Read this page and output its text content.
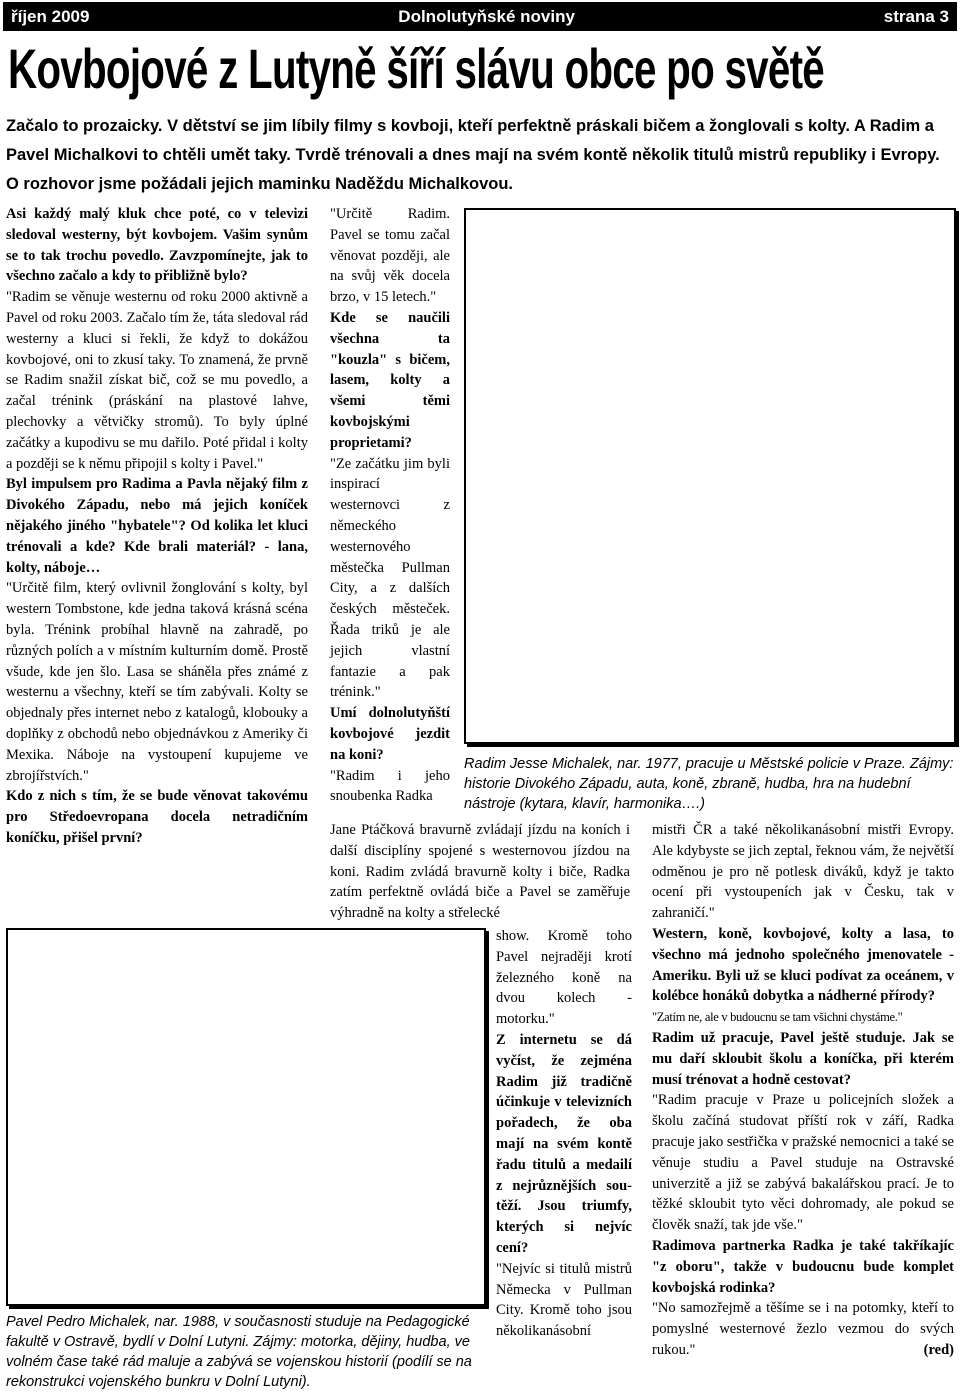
říjen 2009	Dolnolutyňské noviny	strana 3
Kovbojové z Lutyně šíří slávu obce po světě
Začalo to prozaicky. V dětství se jim líbily filmy s kovboji, kteří perfektně práskali bičem a žonglovali s kolty. A Radim a Pavel Michalkovi to chtěli umět taky. Tvrdě trénovali a dnes mají na svém kontě několik titulů mistrů republiky i Evropy. O rozhovor jsme požádali jejich maminku Naděždu Michalkovou.

Asi každý malý kluk chce poté, co v televizi sledoval westerny, být kovbojem. Vašim synům se to tak trochu povedlo. Zavzpomínejte, jak to všechno začalo a kdy to přibližně bylo?

"Radim se věnuje westernu od roku 2000 aktivně a Pavel od roku 2003. Začalo tím že, táta sledoval rád westerny a kluci si řekli, že když to dokážou kovbojové, oni to zkusí taky. To znamená, že prvně se Radim snažil získat bič, což se mu povedlo, a začal trénink (práskání na plastové lahve, plechovky a větvičky stromů). To byly úplné začátky a kupodivu se mu dařilo. Poté přidal i kolty a později se k němu připojil s kolty i Pavel."

Byl impulsem pro Radima a Pavla nějaký film z Divokého Západu, nebo má jejich koníček nějakého jiného "hybatele"? Od kolika let kluci trénovali a kde? Kde brali materiál? - lana, kolty, náboje…

"Určitě film, který ovlivnil žonglování s kolty, byl western Tombstone, kde jedna taková krásná scéna byla. Trénink probíhal hlavně na zahradě, po různých polích a v místním kulturním domě. Prostě všude, kde jen šlo. Lasa se sháněla přes známé z westernu a všechny, kteří se tím zabývali. Kolty se objednaly přes internet nebo z katalogů, klobouky a doplňky z obchodů nebo objednávkou z Ameriky či Mexika. Náboje na vystoupení kupujeme ve zbrojířstvích."

Kdo z nich s tím, že se bude věnovat takovému pro Středoevropana docela netradičním koníčku, přišel první?

"Určitě Radim. Pavel se tomu začal věnovat později, ale na svůj věk docela brzo, v 15 letech."

Kde se naučili všechna ta "kouzla" s bičem, lasem, kolty a všemi těmi kovbojskými proprietami?

"Ze začátku jim byli inspirací westernovci z německého westernového městečka Pullman City, a z dalších českých městeček. Řada triků je ale jejich vlastní fantazie a pak trénink."

Umí dolnolutyňští kovbojové jezdit na koni?

"Radim i jeho snoubenka Radka

Radim Jesse Michalek, nar. 1977, pracuje u Městské policie v Praze. Zájmy: historie Divokého Západu, auta, koně, zbraně, hudba, hra na hudební nástroje (kytara, klavír, harmonika….)

Jane Ptáčková bravurně zvládají jízdu na koních i další disciplíny spojené s westernovou jízdou na koni. Radim zvládá bravurně kolty i biče, Radka zatím perfektně ovládá biče a Pavel se zaměřuje výhradně na kolty a střelecké

show. Kromě toho Pavel nejraději krotí železného koně na dvou kolech - motorku."

Z internetu se dá vyčíst, že zejména Radim již tradičně účinkuje v televizních pořadech, že oba mají na svém kontě řadu titulů a medailí z nejrůznějších sou-těží. Jsou triumfy, kterých si nejvíc cení?

"Nejvíc si titulů mistrů Německa v Pullman City. Kromě toho jsou několikanásobní

mistři ČR a také několikanásobní mistři Evropy. Ale kdybyste se jich zeptal, řeknou vám, že největší odměnou je pro ně potlesk diváků, když je takto ocení při vystoupeních jak v Česku, tak v zahraničí."

Western, koně, kovbojové, kolty a lasa, to všechno má jednoho společného jmenovatele - Ameriku. Byli už se kluci podívat za oceánem, v kolébce honáků dobytka a nádherné přírody?

"Zatím ne, ale v budoucnu se tam všichni chystáme."

Radim už pracuje, Pavel ještě studuje. Jak se mu daří skloubit školu a koníčka, při kterém musí trénovat a hodně cestovat?

"Radim pracuje v Praze u policejních složek a školu začíná studovat příští rok v září, Radka pracuje jako sestřička v pražské nemocnici a také se věnuje studiu a Pavel studuje na Ostravské univerzitě a již se zabývá bakalářskou prací. Je to těžké skloubit tyto věci dohromady, ale pokud se člověk snaží, tak jde vše."

Radimova partnerka Radka je také takříkajíc "z oboru", takže v budoucnu bude komplet kovbojská rodinka?

"No samozřejmě a těšíme se i na potomky, kteří to pomyslné westernové žezlo vezmou do svých rukou."	(red)

Pavel Pedro Michalek, nar. 1988, v současnosti studuje na Pedagogické fakultě v Ostravě, bydlí v Dolní Lutyni. Zájmy: motorka, dějiny, hudba, ve volném čase také rád maluje a zabývá se vojenskou historií (podílí se na rekonstrukci vojenského bunkru v Dolní Lutyni).
